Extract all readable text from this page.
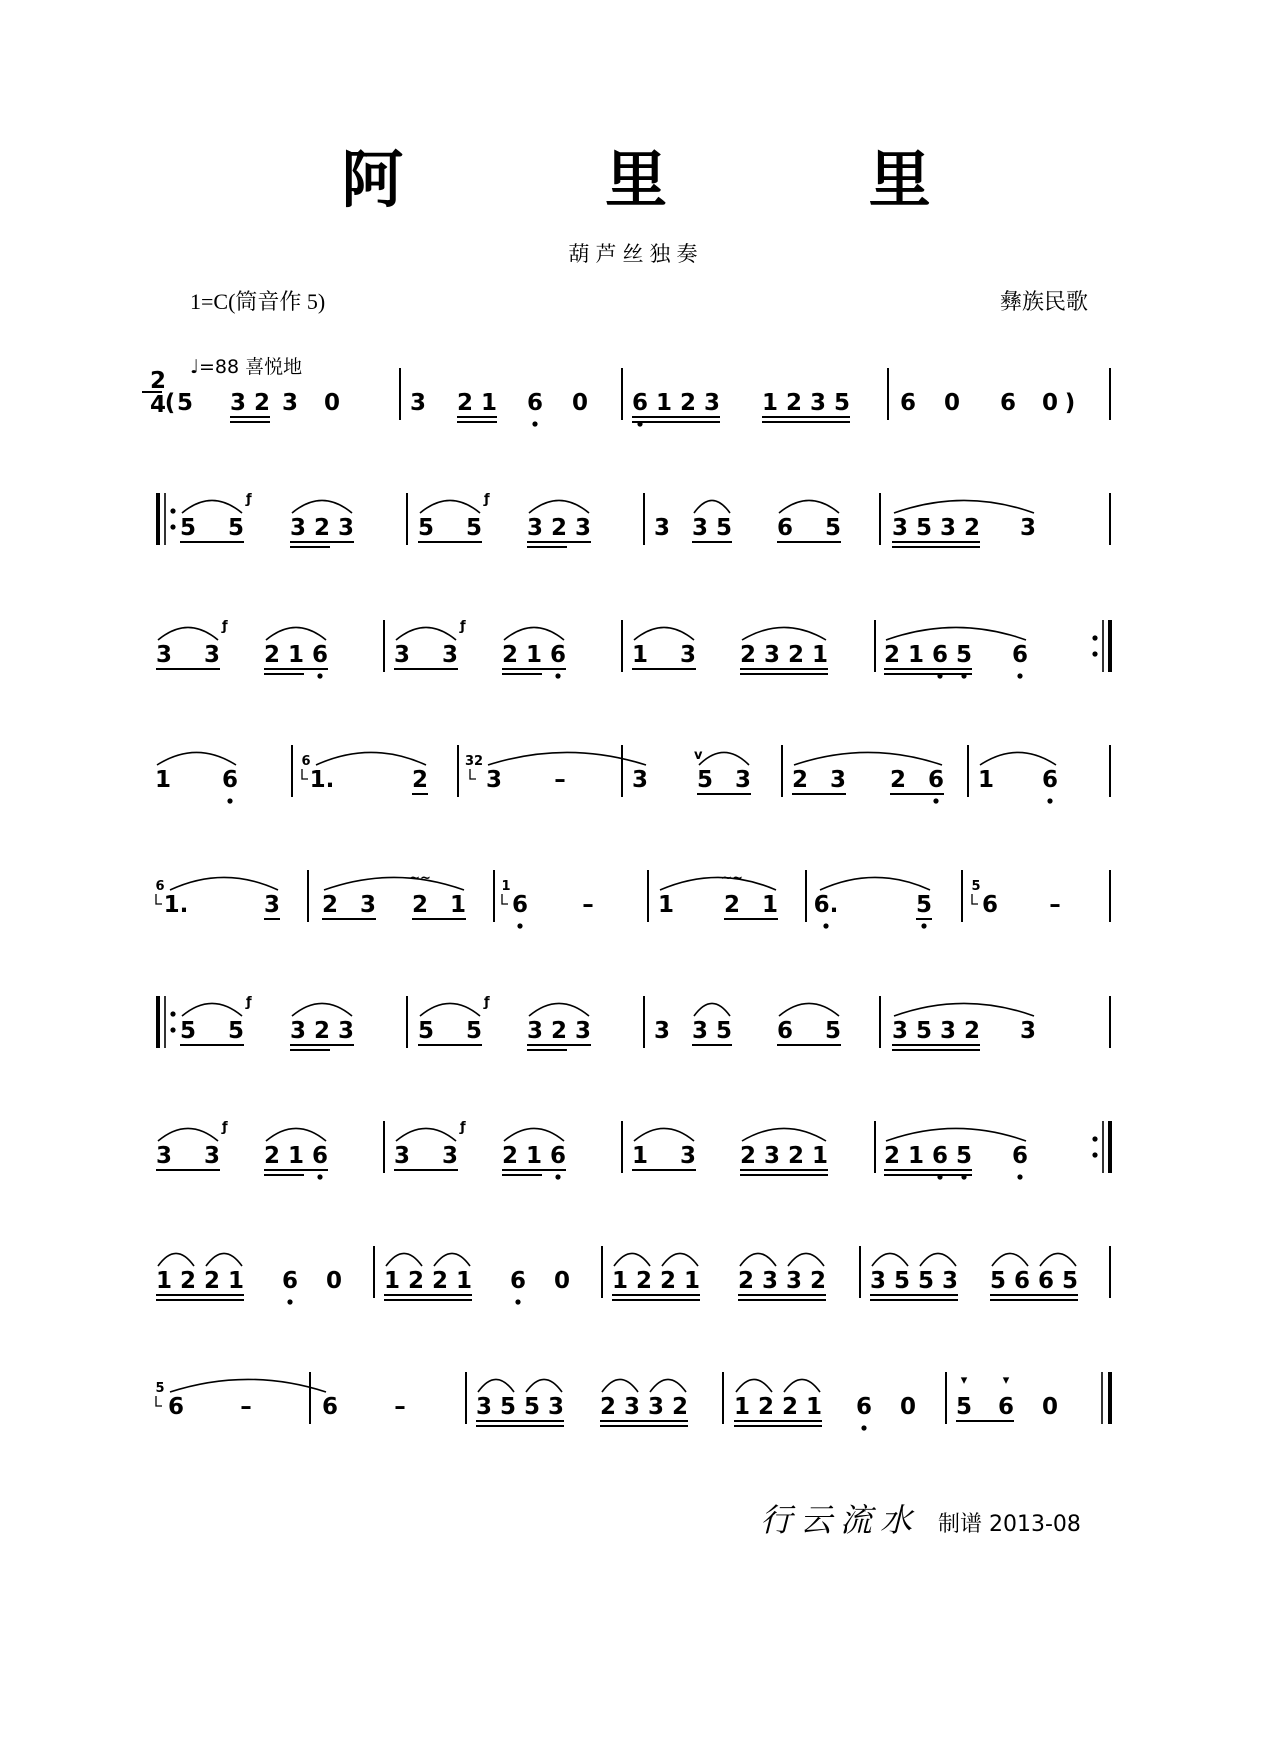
阿 里 里
葫芦丝独奏
1=C(筒音作 5)	彝族民歌
♩=88 喜悦地
行云流水 制谱 2013-08
2
4
( 5 3 2 3 0	3 2 1 6 0 6 1 2 3 1 2 3 5 6 0 6 0 )
5 5
ƒ
3 2 3	5 5
ƒ
3 2 3	3 3 5 6 5 3 5 3 2 3
3 3
ƒ
2 1 6	3 3
ƒ
2 1 6	1 3 2 3 2 1 2 1 6 5 6
1 6
6
1.	2
32
3 –	3
v
5 3 2 3 2 6 1 6
6
1.	3 2 3 2 1
~~
1
6 –	1 2 1
~~
6.	5
5
6 –
5 5
ƒ
3 2 3	5 5
ƒ
3 2 3	3 3 5 6 5 3 5 3 2 3
3 3
ƒ
2 1 6	3 3
ƒ
2 1 6	1 3 2 3 2 1 2 1 6 5 6
1 2 2 1 6 0 1 2 2 1 6 0 1 2 2 1 2 3 3 2 3 5 5 3 5 6 6 5
5
6 –	6 –	3 5 5 3 2 3 3 2 1 2 2 1 6 0 5 6
▾	▾
0
